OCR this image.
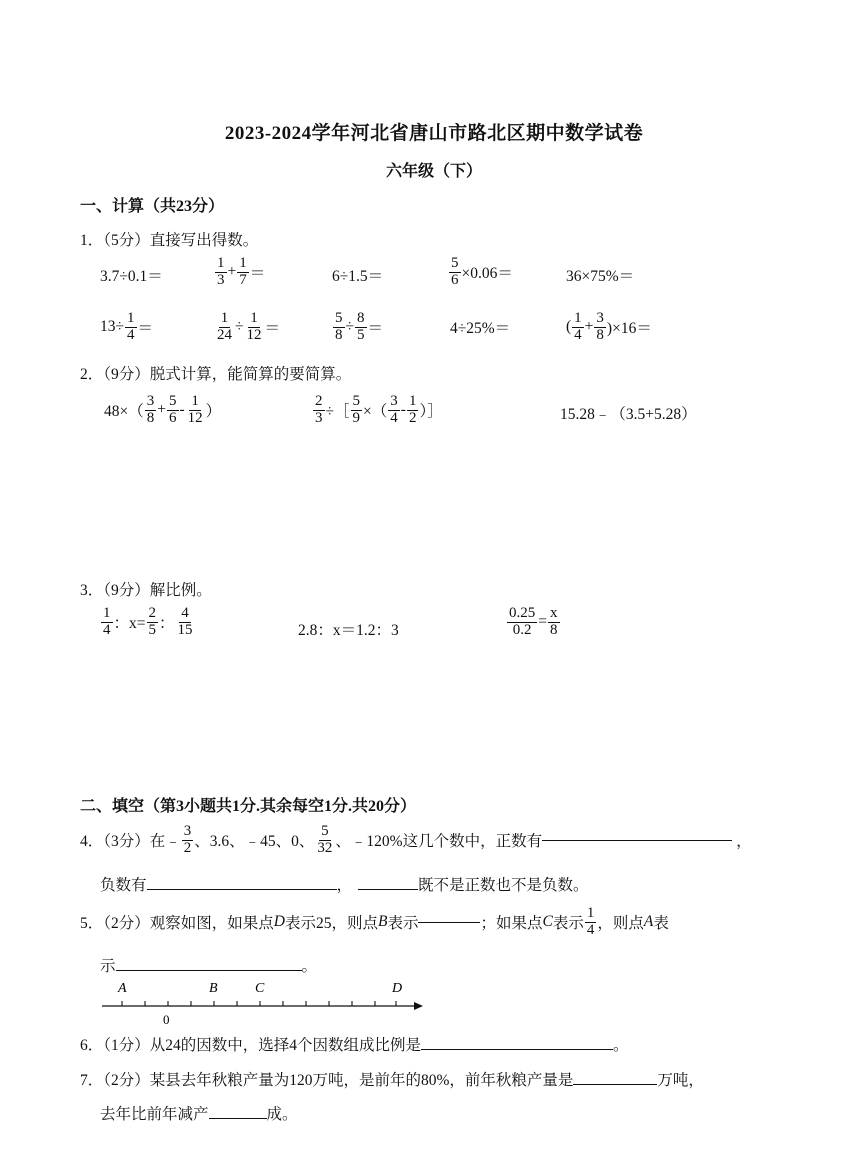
2023-2024学年河北省唐山市路北区期中数学试卷
六年级（下）
一、计算（共23分）
1．（5分）直接写出得数。
3.7÷0.1＝	$\frac{1}{3} + \frac{1}{7}$ ＝	6÷1.5＝	$\frac{5}{6} \times 0.06=$	36×75%＝
$13\div \frac{1}{4}$ ＝	$\frac{1}{24} \div \frac{1}{12}$ ＝	$\frac{5}{8} \div \frac{8}{5}$ ＝	4÷25%＝	( $\frac{1}{4} + \frac{3}{8} )\times 16=$
2．（9分）脱式计算，能简算的要简算。
$48\times( \frac{3}{8} + \frac{5}{6} - \frac{1}{12}$ ）	$\frac{2}{3}$ ÷［ $\frac{5}{9}$ ×（ $\frac{3}{4} - \frac{1}{2}$ ）］	15.28﹣（3.5+5.28）
3．（9分）解比例。
$\frac{1}{4}$ ：$x= \frac{2}{5}$ ： $\frac{4}{15}$	2.8：x＝1.2：3	$\frac{0.25}{0.2} = \frac{x}{8}$
二、填空（第3小题共1分.其余每空1分.共20分）
4．（3分）在﹣ $\frac{3}{2}$ 、3.6、﹣45、0、 $\frac{5}{32}$ 、﹣120%这几个数中，正数有	，
负数有	，	既不是正数也不是负数。
5．（2分）观察如图，如果点 D 表示25，则点 B 表示	；如果点 C 表示 $\frac{1}{4}$ ，则点 A 表
示	。
A	B	C	D
0
6．（1分）从24的因数中，选择4个因数组成比例是	。
7．（2分）某县去年秋粮产量为120万吨，是前年的80%，前年秋粮产量是	万吨，
去年比前年减产	成。
